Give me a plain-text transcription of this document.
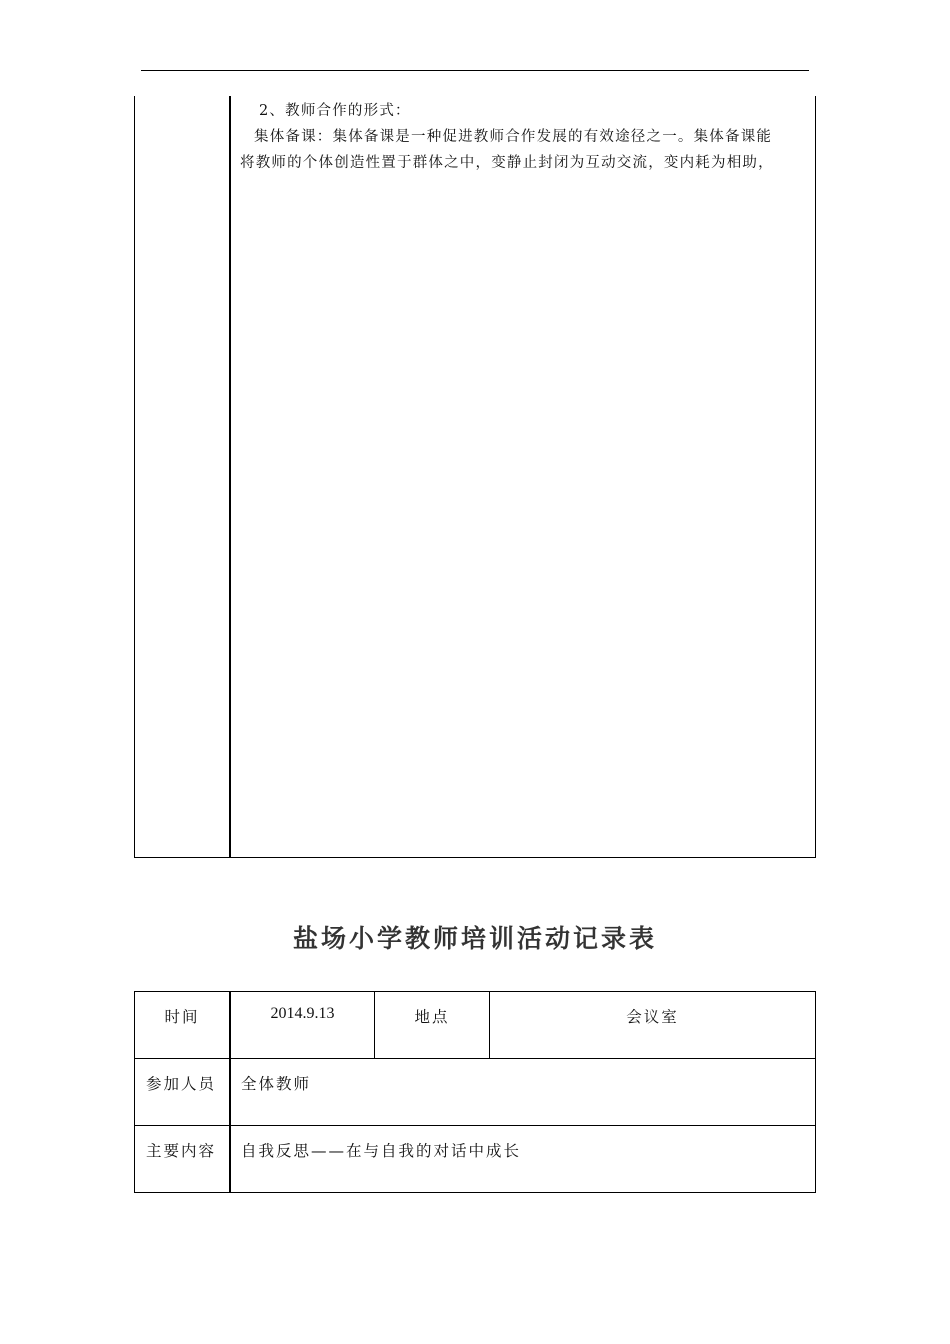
2、教师合作的形式：

集体备课：集体备课是一种促进教师合作发展的有效途径之一。集体备课能

将教师的个体创造性置于群体之中，变静止封闭为互动交流，变内耗为相助，

盐场小学教师培训活动记录表
时间	2014.9.13	地点	会议室
参加人员 全体教师
主要内容 自我反思——在与自我的对话中成长
